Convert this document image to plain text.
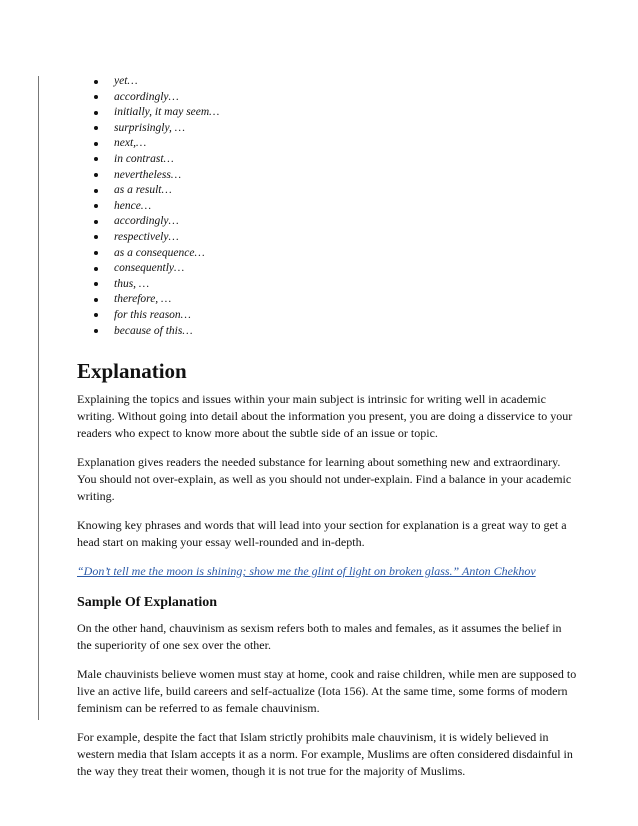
yet…
accordingly…
initially, it may seem…
surprisingly, …
next,…
in contrast…
nevertheless…
as a result…
hence…
accordingly…
respectively…
as a consequence…
consequently…
thus, …
therefore, …
for this reason…
because of this…
Explanation

Explaining the topics and issues within your main subject is intrinsic for writing well in academic writing. Without going into detail about the information you present, you are doing a disservice to your readers who expect to know more about the subtle side of an issue or topic.

Explanation gives readers the needed substance for learning about something new and extraordinary. You should not over-explain, as well as you should not under-explain. Find a balance in your academic writing.

Knowing key phrases and words that will lead into your section for explanation is a great way to get a head start on making your essay well-rounded and in-depth.

“Don’t tell me the moon is shining; show me the glint of light on broken glass.” Anton Chekhov

Sample Of Explanation

On the other hand, chauvinism as sexism refers both to males and females, as it assumes the belief in the superiority of one sex over the other.

Male chauvinists believe women must stay at home, cook and raise children, while men are supposed to live an active life, build careers and self-actualize (Iota 156). At the same time, some forms of modern feminism can be referred to as female chauvinism.

For example, despite the fact that Islam strictly prohibits male chauvinism, it is widely believed in western media that Islam accepts it as a norm. For example, Muslims are often considered disdainful in the way they treat their women, though it is not true for the majority of Muslims.
